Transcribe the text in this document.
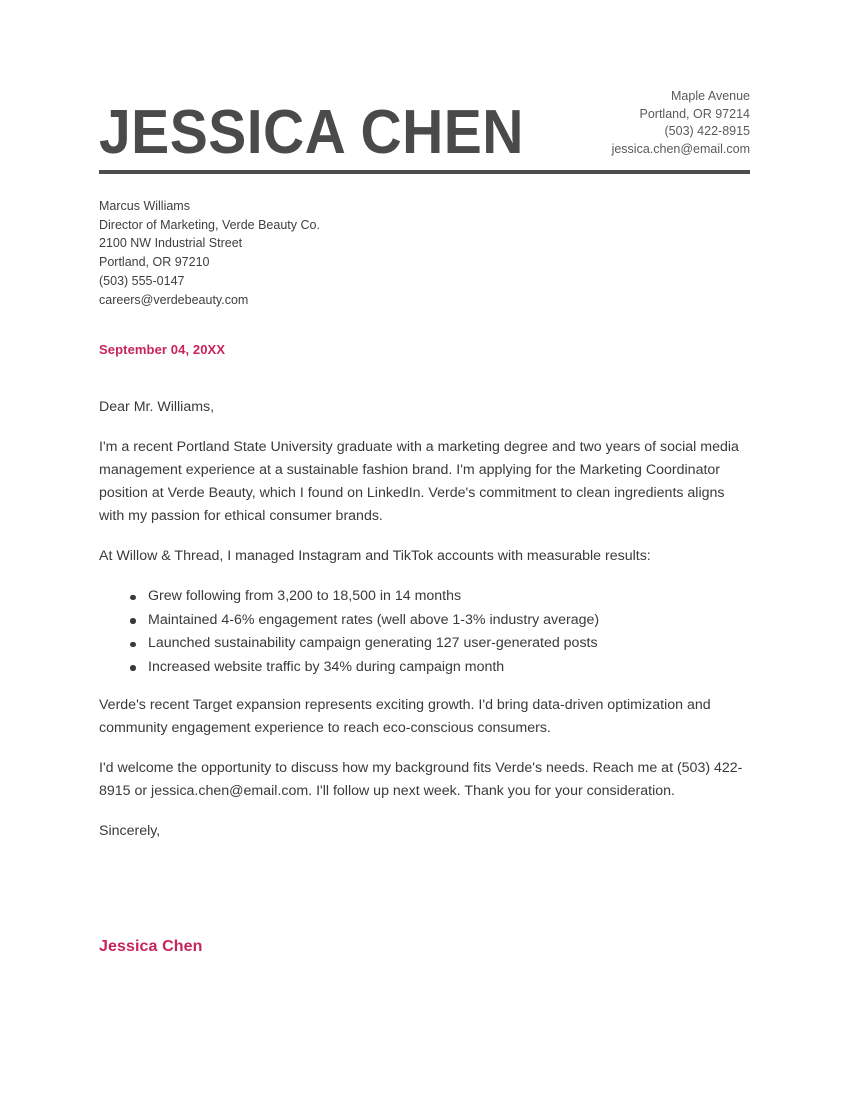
JESSICA CHEN
Maple Avenue
Portland, OR 97214
(503) 422-8915
jessica.chen@email.com
Marcus Williams
Director of Marketing, Verde Beauty Co.
2100 NW Industrial Street
Portland, OR 97210
(503) 555-0147
careers@verdebeauty.com
September 04, 20XX

Dear Mr. Williams,

I'm a recent Portland State University graduate with a marketing degree and two years of social media management experience at a sustainable fashion brand. I'm applying for the Marketing Coordinator position at Verde Beauty, which I found on LinkedIn. Verde's commitment to clean ingredients aligns with my passion for ethical consumer brands.

At Willow & Thread, I managed Instagram and TikTok accounts with measurable results:

Grew following from 3,200 to 18,500 in 14 months
Maintained 4-6% engagement rates (well above 1-3% industry average)
Launched sustainability campaign generating 127 user-generated posts
Increased website traffic by 34% during campaign month

Verde's recent Target expansion represents exciting growth. I'd bring data-driven optimization and community engagement experience to reach eco-conscious consumers.

I'd welcome the opportunity to discuss how my background fits Verde's needs. Reach me at (503) 422-8915 or jessica.chen@email.com. I'll follow up next week. Thank you for your consideration.

Sincerely,

Jessica Chen
